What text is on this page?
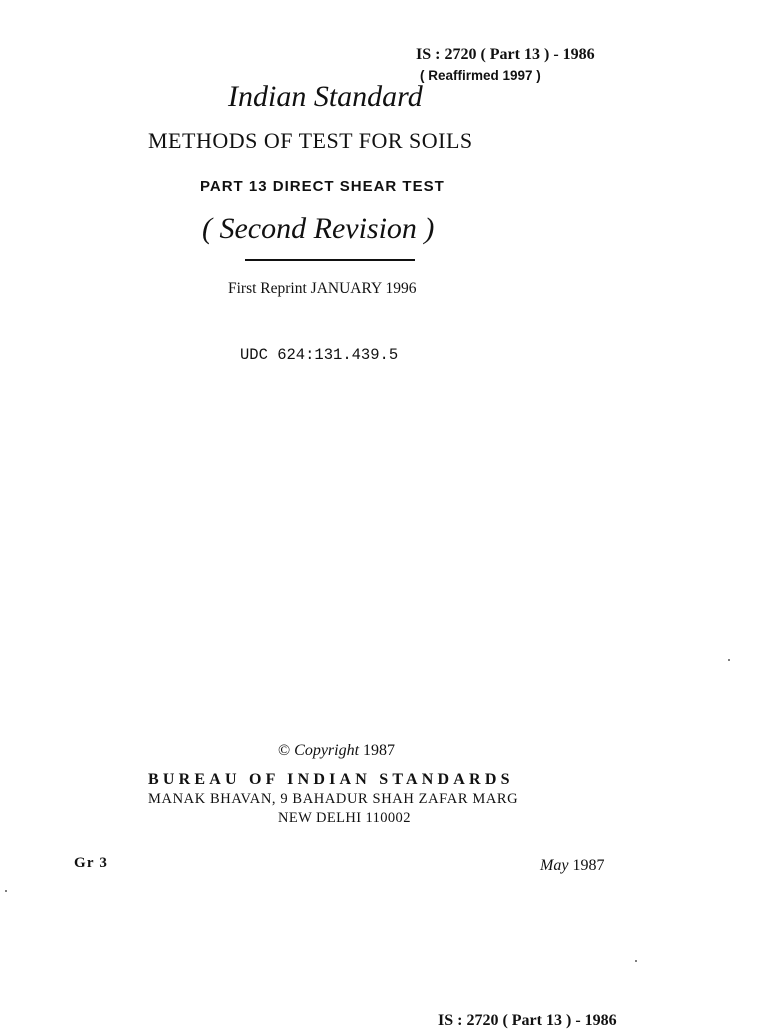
IS : 2720 ( Part 13 ) - 1986
( Reaffirmed 1997 )
Indian Standard
METHODS OF TEST FOR SOILS
PART 13 DIRECT SHEAR TEST
( Second Revision )
First Reprint JANUARY 1996
UDC 624:131.439.5
© Copyright 1987
BUREAU OF INDIAN STANDARDS
MANAK BHAVAN, 9 BAHADUR SHAH ZAFAR MARG
NEW DELHI 110002
Gr 3	May 1987
IS : 2720 ( Part 13 ) - 1986
